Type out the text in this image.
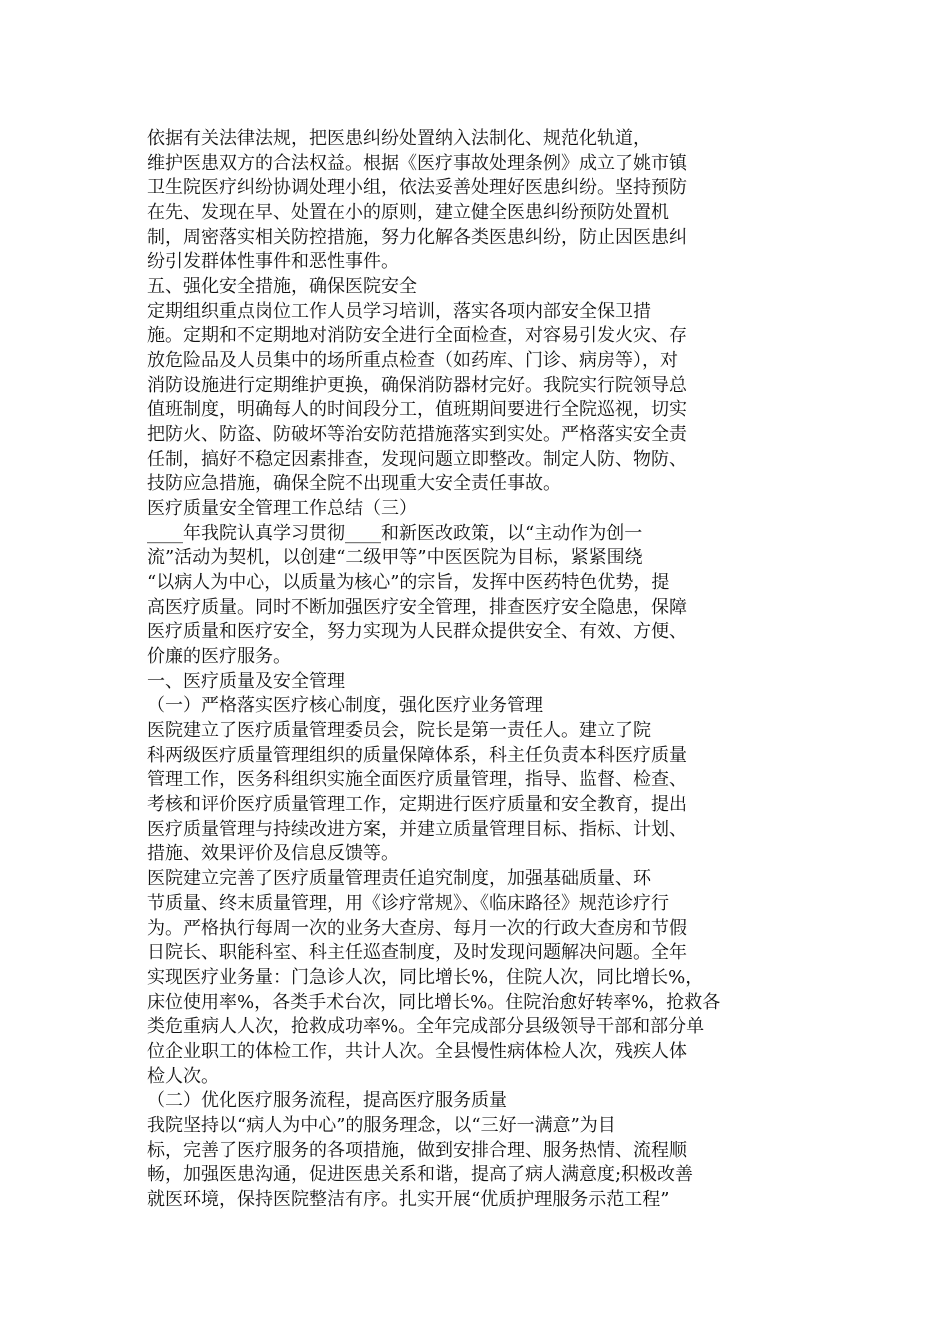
依据有关法律法规，把医患纠纷处置纳入法制化、规范化轨道，
维护医患双方的合法权益。根据《医疗事故处理条例》成立了姚市镇
卫生院医疗纠纷协调处理小组，依法妥善处理好医患纠纷。坚持预防
在先、发现在早、处置在小的原则，建立健全医患纠纷预防处置机
制，周密落实相关防控措施，努力化解各类医患纠纷，防止因医患纠
纷引发群体性事件和恶性事件。
五、强化安全措施，确保医院安全
定期组织重点岗位工作人员学习培训，落实各项内部安全保卫措
施。定期和不定期地对消防安全进行全面检查，对容易引发火灾、存
放危险品及人员集中的场所重点检查（如药库、门诊、病房等），对
消防设施进行定期维护更换，确保消防器材完好。我院实行院领导总
值班制度，明确每人的时间段分工，值班期间要进行全院巡视，切实
把防火、防盗、防破坏等治安防范措施落实到实处。严格落实安全责
任制，搞好不稳定因素排查，发现问题立即整改。制定人防、物防、
技防应急措施，确保全院不出现重大安全责任事故。
医疗质量安全管理工作总结（三）
____年我院认真学习贯彻____和新医改政策，以“主动作为创一
流”活动为契机，以创建“二级甲等”中医医院为目标，紧紧围绕
“以病人为中心，以质量为核心”的宗旨，发挥中医药特色优势，提
高医疗质量。同时不断加强医疗安全管理，排查医疗安全隐患，保障
医疗质量和医疗安全，努力实现为人民群众提供安全、有效、方便、
价廉的医疗服务。
一、医疗质量及安全管理
（一）严格落实医疗核心制度，强化医疗业务管理
医院建立了医疗质量管理委员会，院长是第一责任人。建立了院
科两级医疗质量管理组织的质量保障体系，科主任负责本科医疗质量
管理工作，医务科组织实施全面医疗质量管理，指导、监督、检查、
考核和评价医疗质量管理工作，定期进行医疗质量和安全教育，提出
医疗质量管理与持续改进方案，并建立质量管理目标、指标、计划、
措施、效果评价及信息反馈等。
医院建立完善了医疗质量管理责任追究制度，加强基础质量、环
节质量、终末质量管理，用《诊疗常规》、《临床路径》规范诊疗行
为。严格执行每周一次的业务大查房、每月一次的行政大查房和节假
日院长、职能科室、科主任巡查制度，及时发现问题解决问题。全年
实现医疗业务量：门急诊人次，同比增长%，住院人次，同比增长%，
床位使用率%，各类手术台次，同比增长%。住院治愈好转率%，抢救各
类危重病人人次，抢救成功率%。全年完成部分县级领导干部和部分单
位企业职工的体检工作，共计人次。全县慢性病体检人次，残疾人体
检人次。
（二）优化医疗服务流程，提高医疗服务质量
我院坚持以“病人为中心”的服务理念，以“三好一满意”为目
标，完善了医疗服务的各项措施，做到安排合理、服务热情、流程顺
畅，加强医患沟通，促进医患关系和谐，提高了病人满意度;积极改善
就医环境，保持医院整洁有序。扎实开展“优质护理服务示范工程”
